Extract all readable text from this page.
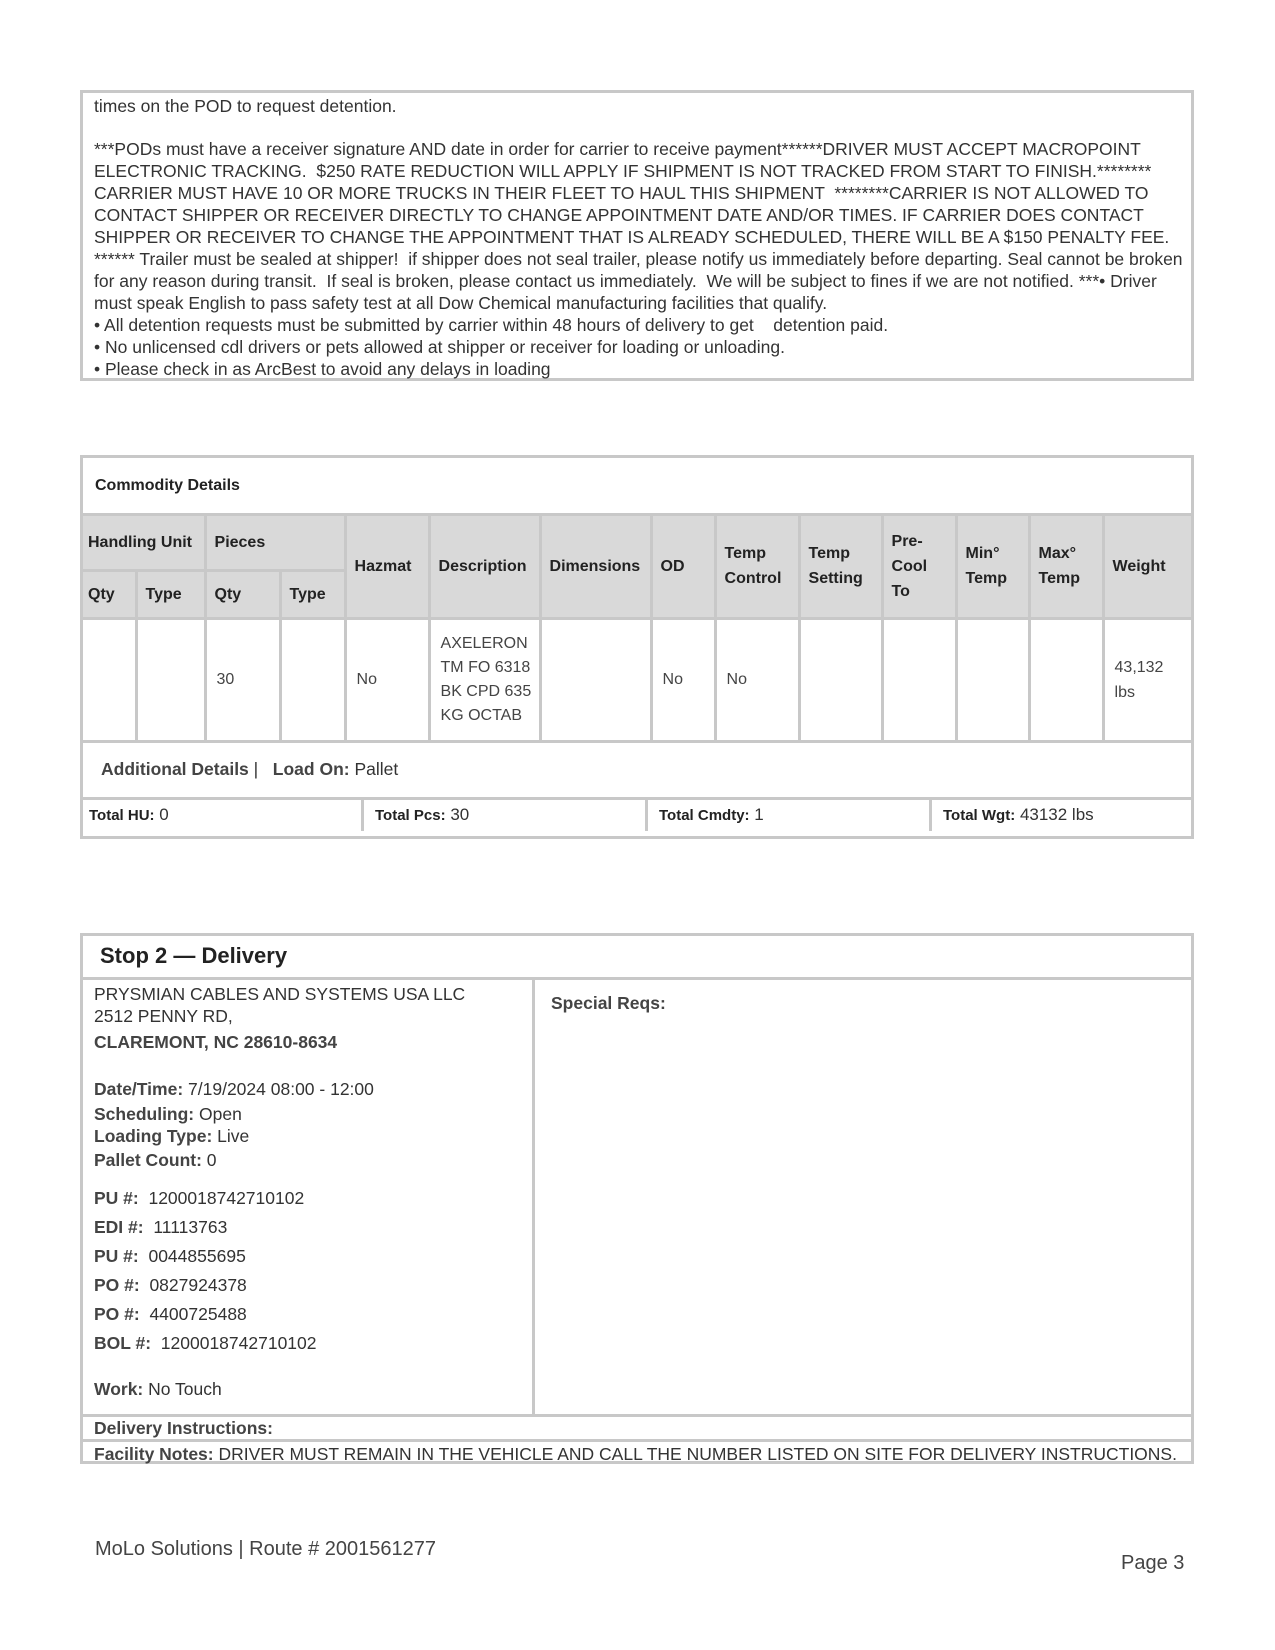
times on the POD to request detention.

***PODs must have a receiver signature AND date in order for carrier to receive payment******DRIVER MUST ACCEPT MACROPOINT ELECTRONIC TRACKING.  $250 RATE REDUCTION WILL APPLY IF SHIPMENT IS NOT TRACKED FROM START TO FINISH.******** CARRIER MUST HAVE 10 OR MORE TRUCKS IN THEIR FLEET TO HAUL THIS SHIPMENT  ********CARRIER IS NOT ALLOWED TO CONTACT SHIPPER OR RECEIVER DIRECTLY TO CHANGE APPOINTMENT DATE AND/OR TIMES. IF CARRIER DOES CONTACT SHIPPER OR RECEIVER TO CHANGE THE APPOINTMENT THAT IS ALREADY SCHEDULED, THERE WILL BE A $150 PENALTY FEE. ****** Trailer must be sealed at shipper!  if shipper does not seal trailer, please notify us immediately before departing. Seal cannot be broken for any reason during transit.  If seal is broken, please contact us immediately.  We will be subject to fines if we are not notified. ***• Driver must speak English to pass safety test at all Dow Chemical manufacturing facilities that qualify.

• All detention requests must be submitted by carrier within 48 hours of delivery to get    detention paid.

• No unlicensed cdl drivers or pets allowed at shipper or receiver for loading or unloading.

• Please check in as ArcBest to avoid any delays in loading

Commodity Details
Handling Unit		Pieces		Hazmat	Description	Dimensions	OD	Temp Control	Temp Setting	Pre-Cool To	Min° Temp	Max° Temp	Weight
Qty	Type	Qty	Type										
		30		No	AXELERON TM FO 6318 BK CPD 635 KG OCTAB		No	No					43,132 lbs
Additional Details |   Load On: Pallet
Total HU: 0	Total Pcs: 30	Total Cmdty: 1	Total Wgt: 43132 lbs
Stop 2 — Delivery
PRYSMIAN CABLES AND SYSTEMS USA LLC
2512 PENNY RD,
CLAREMONT, NC 28610-8634
Date/Time: 7/19/2024 08:00 - 12:00
Scheduling: Open
Loading Type: Live
Pallet Count: 0
PU #: 1200018742710102
EDI #: 11113763
PU #: 0044855695
PO #: 0827924378
PO #: 4400725488
BOL #: 1200018742710102
Work: No Touch
Special Reqs:
Delivery Instructions:
Facility Notes: DRIVER MUST REMAIN IN THE VEHICLE AND CALL THE NUMBER LISTED ON SITE FOR DELIVERY INSTRUCTIONS.
MoLo Solutions | Route # 2001561277
Page 3
